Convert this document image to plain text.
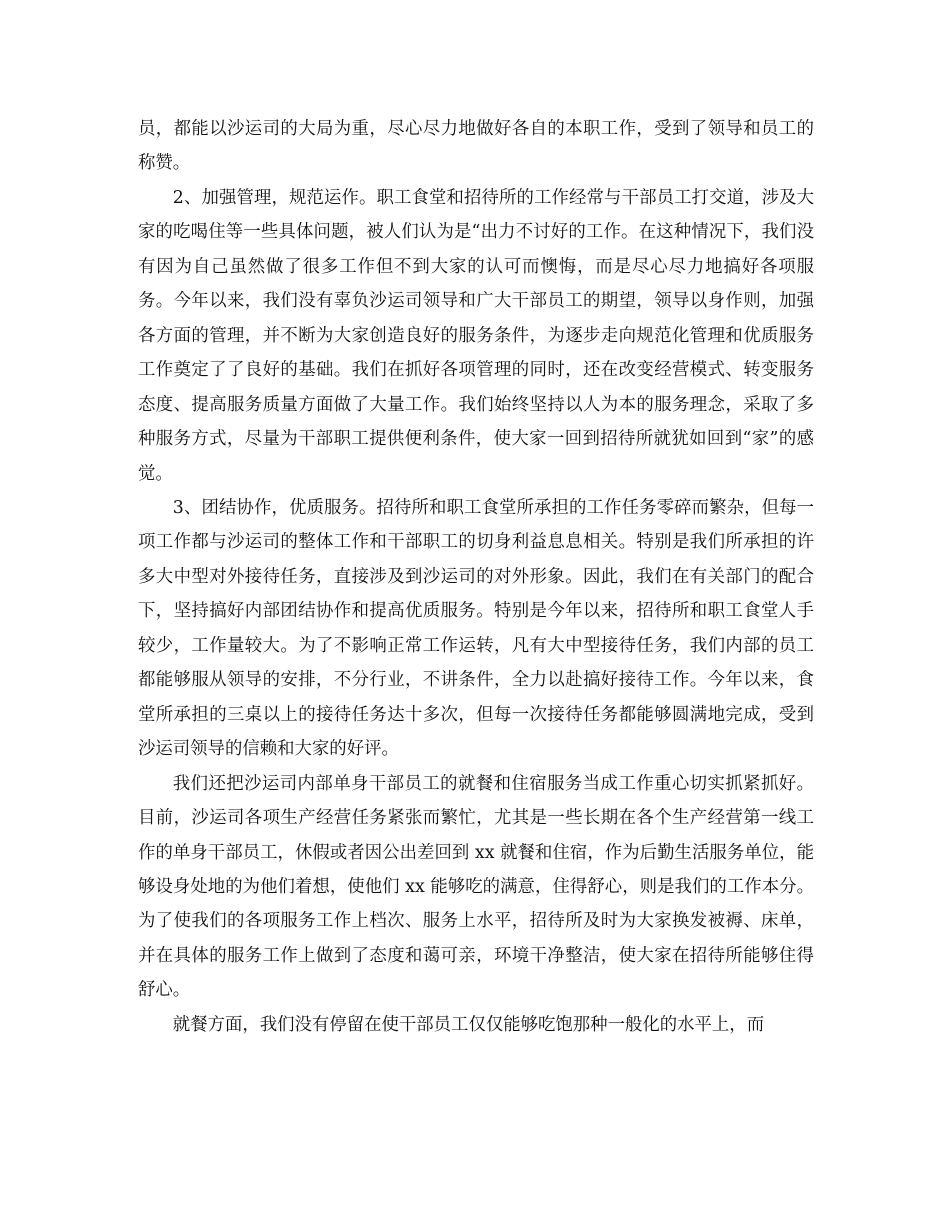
员，都能以沙运司的大局为重，尽心尽力地做好各自的本职工作，受到了领导和员工的称赞。

2、加强管理，规范运作。职工食堂和招待所的工作经常与干部员工打交道，涉及大家的吃喝住等一些具体问题，被人们认为是“出力不讨好的工作。在这种情况下，我们没有因为自己虽然做了很多工作但不到大家的认可而懊悔，而是尽心尽力地搞好各项服务。今年以来，我们没有辜负沙运司领导和广大干部员工的期望，领导以身作则，加强各方面的管理，并不断为大家创造良好的服务条件，为逐步走向规范化管理和优质服务工作奠定了了良好的基础。我们在抓好各项管理的同时，还在改变经营模式、转变服务态度、提高服务质量方面做了大量工作。我们始终坚持以人为本的服务理念，采取了多种服务方式，尽量为干部职工提供便利条件，使大家一回到招待所就犹如回到“家”的感觉。

3、团结协作，优质服务。招待所和职工食堂所承担的工作任务零碎而繁杂，但每一项工作都与沙运司的整体工作和干部职工的切身利益息息相关。特别是我们所承担的许多大中型对外接待任务，直接涉及到沙运司的对外形象。因此，我们在有关部门的配合下，坚持搞好内部团结协作和提高优质服务。特别是今年以来，招待所和职工食堂人手较少，工作量较大。为了不影响正常工作运转，凡有大中型接待任务，我们内部的员工都能够服从领导的安排，不分行业，不讲条件，全力以赴搞好接待工作。今年以来，食堂所承担的三桌以上的接待任务达十多次，但每一次接待任务都能够圆满地完成，受到沙运司领导的信赖和大家的好评。

我们还把沙运司内部单身干部员工的就餐和住宿服务当成工作重心切实抓紧抓好。目前，沙运司各项生产经营任务紧张而繁忙，尤其是一些长期在各个生产经营第一线工作的单身干部员工，休假或者因公出差回到 xx 就餐和住宿，作为后勤生活服务单位，能够设身处地的为他们着想，使他们 xx 能够吃的满意，住得舒心，则是我们的工作本分。为了使我们的各项服务工作上档次、服务上水平，招待所及时为大家换发被褥、床单，并在具体的服务工作上做到了态度和蔼可亲，环境干净整洁，使大家在招待所能够住得舒心。

就餐方面，我们没有停留在使干部员工仅仅能够吃饱那种一般化的水平上，而
